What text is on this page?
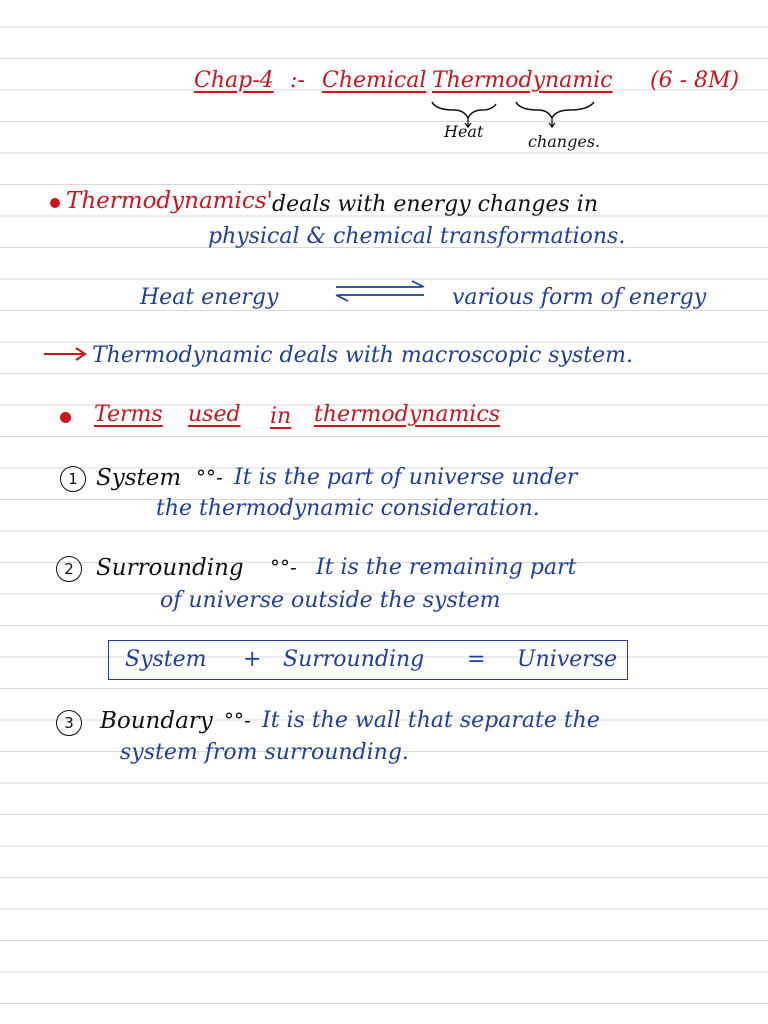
Chap-4 :- Chemical Thermodynamic (6 - 8M)
Heat
changes.
Thermodynamics' deals with energy changes in
physical & chemical transformations.
Heat energy	various form of energy
Thermodynamic deals with macroscopic system.
Terms used in thermodynamics
1 System °°- It is the part of universe under
the thermodynamic consideration.
2 Surrounding °°- It is the remaining part
of universe outside the system
System + Surrounding = Universe
3	Boundary °°- It is the wall that separate the
system from surrounding.
